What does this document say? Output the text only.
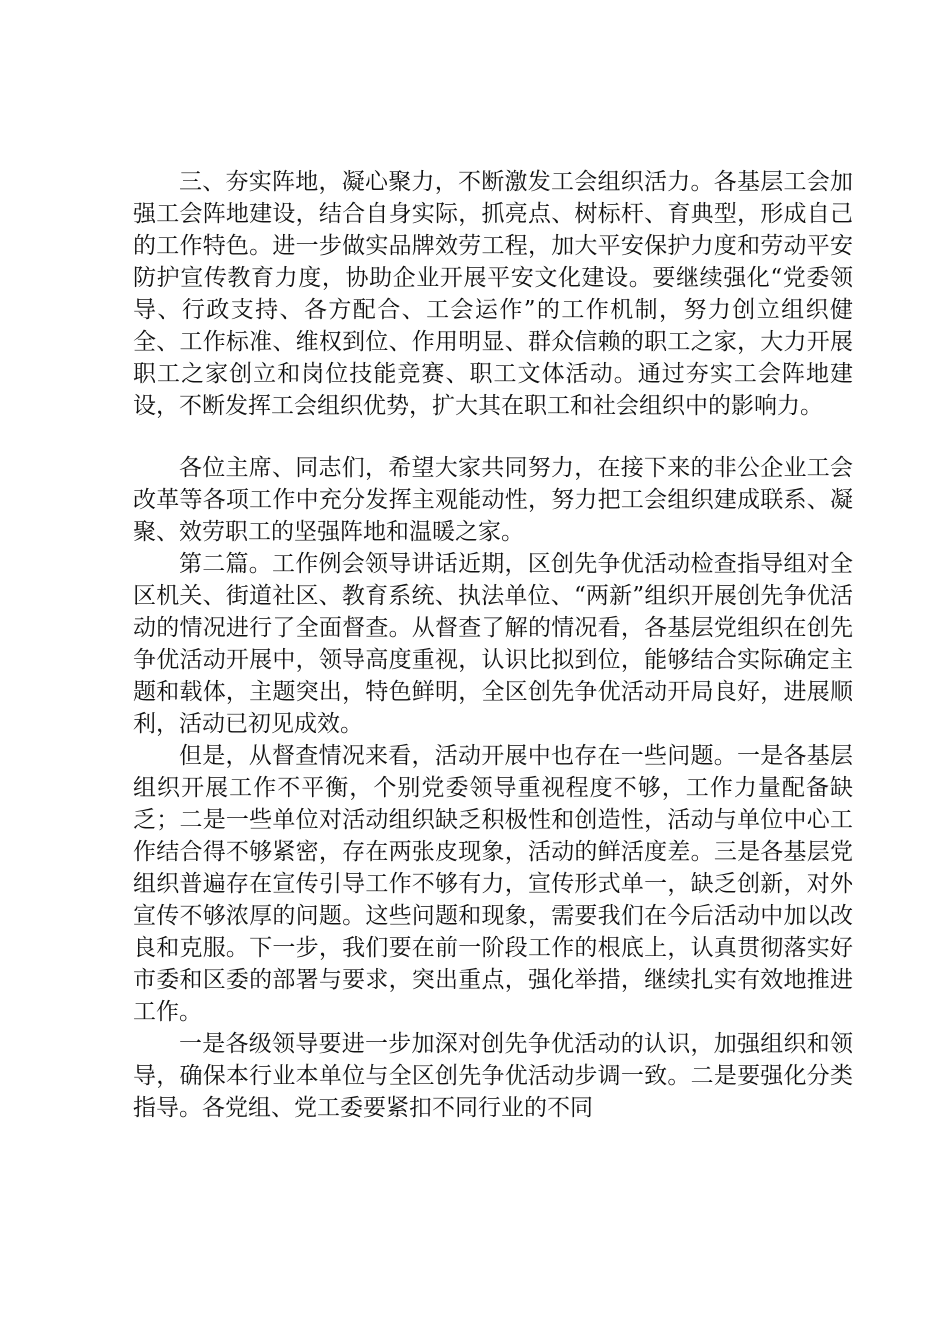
三、夯实阵地，凝心聚力，不断激发工会组织活力。各基层工会加强工会阵地建设，结合自身实际，抓亮点、树标杆、育典型，形成自己的工作特色。进一步做实品牌效劳工程，加大平安保护力度和劳动平安防护宣传教育力度，协助企业开展平安文化建设。要继续强化“党委领导、行政支持、各方配合、工会运作”的工作机制，努力创立组织健全、工作标准、维权到位、作用明显、群众信赖的职工之家，大力开展职工之家创立和岗位技能竞赛、职工文体活动。通过夯实工会阵地建设，不断发挥工会组织优势，扩大其在职工和社会组织中的影响力。

各位主席、同志们，希望大家共同努力，在接下来的非公企业工会改革等各项工作中充分发挥主观能动性，努力把工会组织建成联系、凝聚、效劳职工的坚强阵地和温暖之家。

第二篇。工作例会领导讲话近期，区创先争优活动检查指导组对全区机关、街道社区、教育系统、执法单位、“两新”组织开展创先争优活动的情况进行了全面督查。从督查了解的情况看，各基层党组织在创先争优活动开展中，领导高度重视，认识比拟到位，能够结合实际确定主题和载体，主题突出，特色鲜明，全区创先争优活动开局良好，进展顺利，活动已初见成效。

但是，从督查情况来看，活动开展中也存在一些问题。一是各基层组织开展工作不平衡，个别党委领导重视程度不够，工作力量配备缺乏；二是一些单位对活动组织缺乏积极性和创造性，活动与单位中心工作结合得不够紧密，存在两张皮现象，活动的鲜活度差。三是各基层党组织普遍存在宣传引导工作不够有力，宣传形式单一，缺乏创新，对外宣传不够浓厚的问题。这些问题和现象，需要我们在今后活动中加以改良和克服。下一步，我们要在前一阶段工作的根底上，认真贯彻落实好市委和区委的部署与要求，突出重点，强化举措，继续扎实有效地推进工作。

一是各级领导要进一步加深对创先争优活动的认识，加强组织和领导，确保本行业本单位与全区创先争优活动步调一致。二是要强化分类指导。各党组、党工委要紧扣不同行业的不同
